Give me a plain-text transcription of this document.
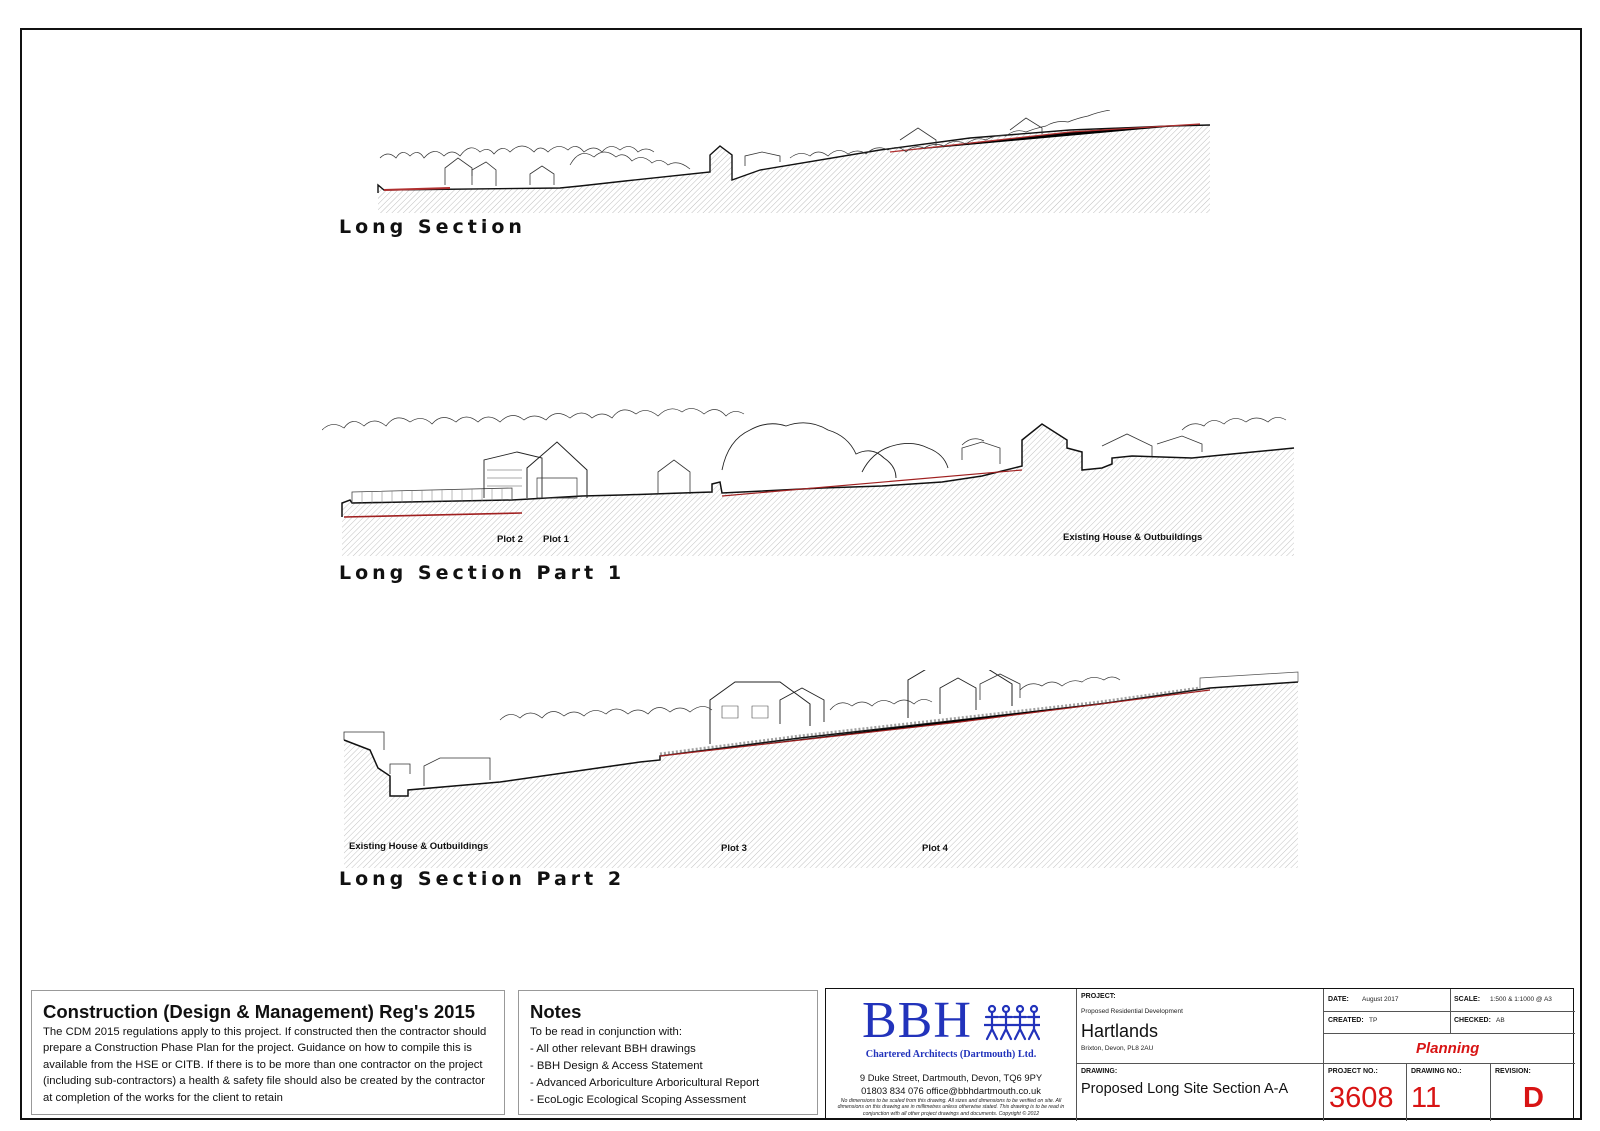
Long Section
Plot 2 Plot 1	Existing House & Outbuildings
Long Section Part 1
Existing House & Outbuildings	Plot 3	Plot 4
Long Section Part 2
Construction (Design & Management) Reg's 2015
The CDM 2015 regulations apply to this project. If constructed then the contractor should prepare a Construction Phase Plan for the project. Guidance on how to compile this is available from the HSE or CITB. If there is to be more than one contractor on the project (including sub-contractors) a health & safety file should also be created by the contractor at completion of the works for the client to retain
Notes
To be read in conjunction with:
- All other relevant BBH drawings
- BBH Design & Access Statement
- Advanced Arboriculture Arboricultural Report
- EcoLogic Ecological Scoping Assessment
BBH
Chartered Architects (Dartmouth) Ltd.
9 Duke Street, Dartmouth, Devon, TQ6 9PY
01803 834 076 office@bbhdartmouth.co.uk
No dimensions to be scaled from this drawing. All sizes and dimensions to be verified on site. All dimensions on this drawing are in millimetres unless otherwise stated. This drawing is to be read in conjunction with all other project drawings and documents. Copyright © 2012
PROJECT:
Proposed Residential Development
Hartlands
Brixton, Devon, PL8 2AU
DRAWING:
Proposed Long Site Section A-A
DATE: August 2017	SCALE: 1:500 & 1:1000 @ A3
CREATED: TP	CHECKED: AB
Planning
PROJECT NO.:
3608
DRAWING NO.:
11
REVISION:
D
